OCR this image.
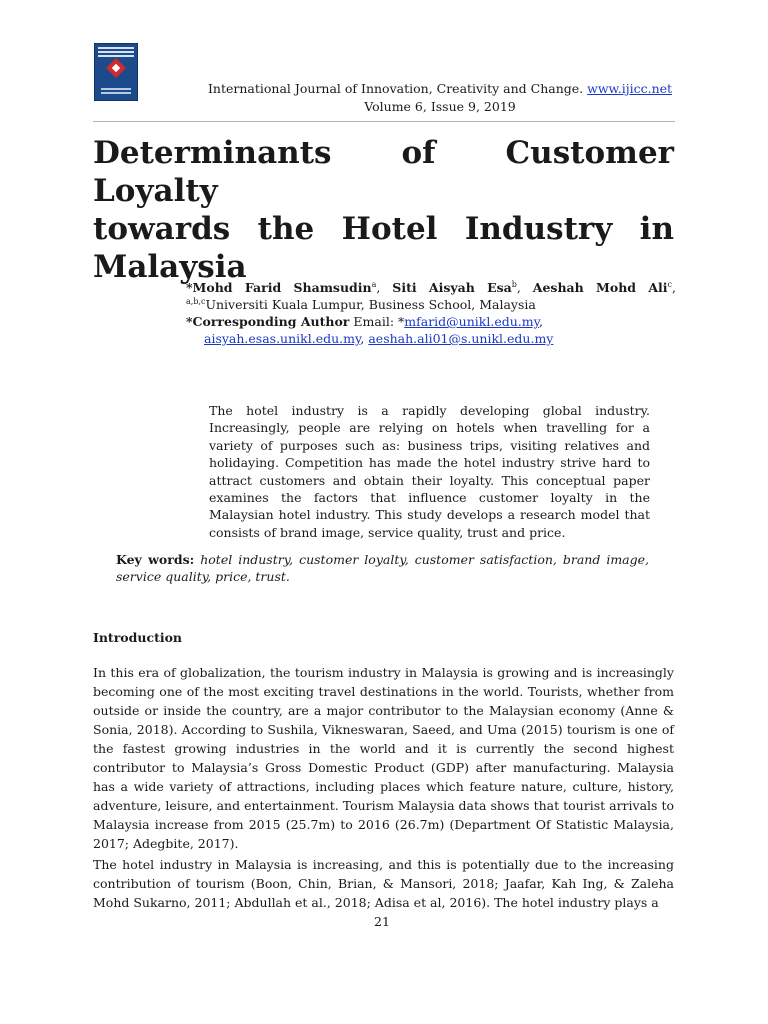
International Journal of Innovation, Creativity and Change. www.ijicc.net
Volume 6, Issue 9, 2019
Determinants of Customer Loyalty
towards the Hotel Industry in
Malaysia
*Mohd Farid Shamsudin$^a$, Siti Aisyah Esa$^b$, Aeshah Mohd Ali$^c$,
$^{a,b,c}$Universiti Kuala Lumpur, Business School, Malaysia
*Corresponding Author Email: *mfarid@unikl.edu.my,
aisyah.esas.unikl.edu.my, aeshah.ali01@s.unikl.edu.my
The hotel industry is a rapidly developing global industry. Increasingly, people are relying on hotels when travelling for a variety of purposes such as: business trips, visiting relatives and holidaying. Competition has made the hotel industry strive hard to attract customers and obtain their loyalty. This conceptual paper examines the factors that influence customer loyalty in the Malaysian hotel industry. This study develops a research model that consists of brand image, service quality, trust and price.
Key words: hotel industry, customer loyalty, customer satisfaction, brand image, service quality, price, trust.
Introduction
In this era of globalization, the tourism industry in Malaysia is growing and is increasingly becoming one of the most exciting travel destinations in the world. Tourists, whether from outside or inside the country, are a major contributor to the Malaysian economy (Anne & Sonia, 2018). According to Sushila, Vikneswaran, Saeed, and Uma (2015) tourism is one of the fastest growing industries in the world and it is currently the second highest contributor to Malaysia’s Gross Domestic Product (GDP) after manufacturing. Malaysia has a wide variety of attractions, including places which feature nature, culture, history, adventure, leisure, and entertainment. Tourism Malaysia data shows that tourist arrivals to Malaysia increase from 2015 (25.7m) to 2016 (26.7m) (Department Of Statistic Malaysia, 2017; Adegbite, 2017).
The hotel industry in Malaysia is increasing, and this is potentially due to the increasing contribution of tourism (Boon, Chin, Brian, & Mansori, 2018; Jaafar, Kah Ing, & Zaleha Mohd Sukarno, 2011; Abdullah et al., 2018; Adisa et al, 2016). The hotel industry plays a
21
